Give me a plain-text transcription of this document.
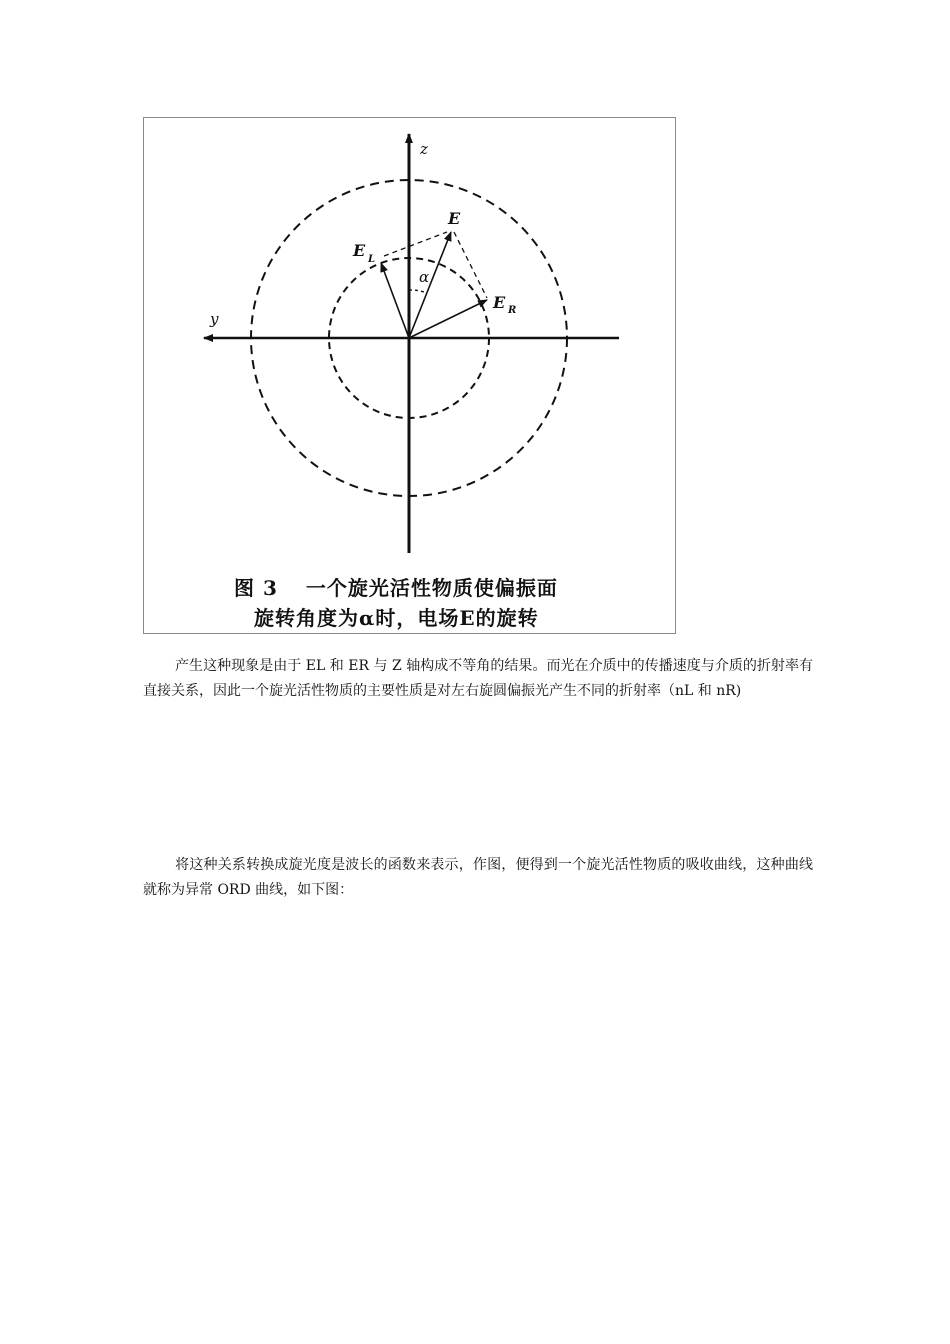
z
y
E
E L
E R
α
图 3 一个旋光活性物质使偏振面
旋转角度为α时，电场E的旋转
产生这种现象是由于 EL 和 ER 与 Z 轴构成不等角的结果。而光在介质中的传播速度与介质的折射率有直接关系，因此一个旋光活性物质的主要性质是对左右旋圆偏振光产生不同的折射率（nL 和 nR)
将这种关系转换成旋光度是波长的函数来表示，作图，便得到一个旋光活性物质的吸收曲线，这种曲线就称为异常 ORD 曲线，如下图：
